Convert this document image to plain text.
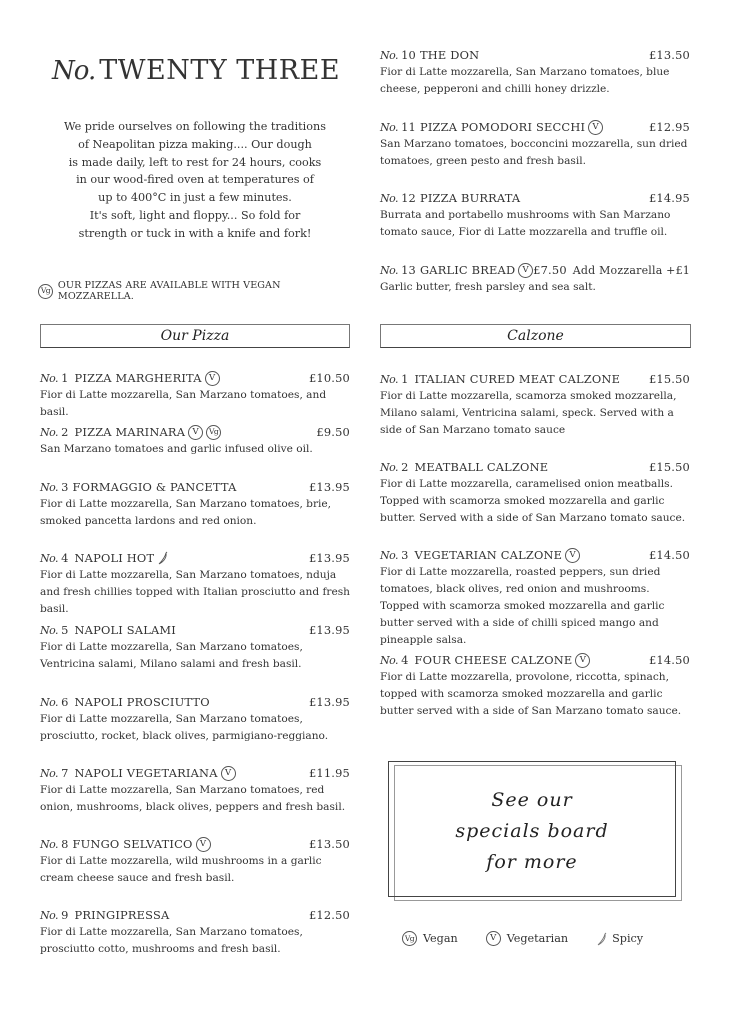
No. TWENTY THREE
We pride ourselves on following the traditions
of Neapolitan pizza making.... Our dough
is made daily, left to rest for 24 hours, cooks
in our wood-fired oven at temperatures of
up to 400°C in just a few minutes.
It's soft, light and floppy... So fold for
strength or tuck in with a knife and fork!
Vg OUR PIZZAS ARE AVAILABLE WITH VEGAN MOZZARELLA.
Our Pizza	Calzone
No. 1 PIZZA MARGHERITA V	£10.50
Fior di Latte mozzarella, San Marzano tomatoes, and basil.
No. 2 PIZZA MARINARA V	Vg	£9.50
San Marzano tomatoes and garlic infused olive oil.
No. 3 FORMAGGIO & PANCETTA	£13.95
Fior di Latte mozzarella, San Marzano tomatoes, brie, smoked pancetta lardons and red onion.
No. 4 NAPOLI HOT	£13.95
Fior di Latte mozzarella, San Marzano tomatoes, nduja and fresh chillies topped with Italian prosciutto and fresh basil.
No. 5 NAPOLI SALAMI	£13.95
Fior di Latte mozzarella, San Marzano tomatoes, Ventricina salami, Milano salami and fresh basil.
No. 6 NAPOLI PROSCIUTTO	£13.95
Fior di Latte mozzarella, San Marzano tomatoes, prosciutto, rocket, black olives, parmigiano-reggiano.
No. 7 NAPOLI VEGETARIANA V	£11.95
Fior di Latte mozzarella, San Marzano tomatoes, red onion, mushrooms, black olives, peppers and fresh basil.
No. 8 FUNGO SELVATICO V	£13.50
Fior di Latte mozzarella, wild mushrooms in a garlic cream cheese sauce and fresh basil.
No. 9 PRINGIPRESSA	£12.50
Fior di Latte mozzarella, San Marzano tomatoes, prosciutto cotto, mushrooms and fresh basil.
No. 10 THE DON	£13.50
Fior di Latte mozzarella, San Marzano tomatoes, blue cheese, pepperoni and chilli honey drizzle.
No. 11 PIZZA POMODORI SECCHI V	£12.95
San Marzano tomatoes, bocconcini mozzarella, sun dried tomatoes, green pesto and fresh basil.
No. 12 PIZZA BURRATA	£14.95
Burrata and portabello mushrooms with San Marzano tomato sauce, Fior di Latte mozzarella and truffle oil.
No. 13 GARLIC BREAD V £7.50 Add Mozzarella +£1
Garlic butter, fresh parsley and sea salt.
No. 1 ITALIAN CURED MEAT CALZONE	£15.50
Fior di Latte mozzarella, scamorza smoked mozzarella, Milano salami, Ventricina salami, speck. Served with a side of San Marzano tomato sauce
No. 2 MEATBALL CALZONE	£15.50
Fior di Latte mozzarella, caramelised onion meatballs. Topped with scamorza smoked mozzarella and garlic butter. Served with a side of San Marzano tomato sauce.
No. 3 VEGETARIAN CALZONE V	£14.50
Fior di Latte mozzarella, roasted peppers, sun dried tomatoes, black olives, red onion and mushrooms. Topped with scamorza smoked mozzarella and garlic butter served with a side of chilli spiced mango and pineapple salsa.
No. 4 FOUR CHEESE CALZONE V	£14.50
Fior di Latte mozzarella, provolone, riccotta, spinach, topped with scamorza smoked mozzarella and garlic butter served with a side of San Marzano tomato sauce.
See our
specials board
for more
Vg Vegan	V Vegetarian	Spicy
